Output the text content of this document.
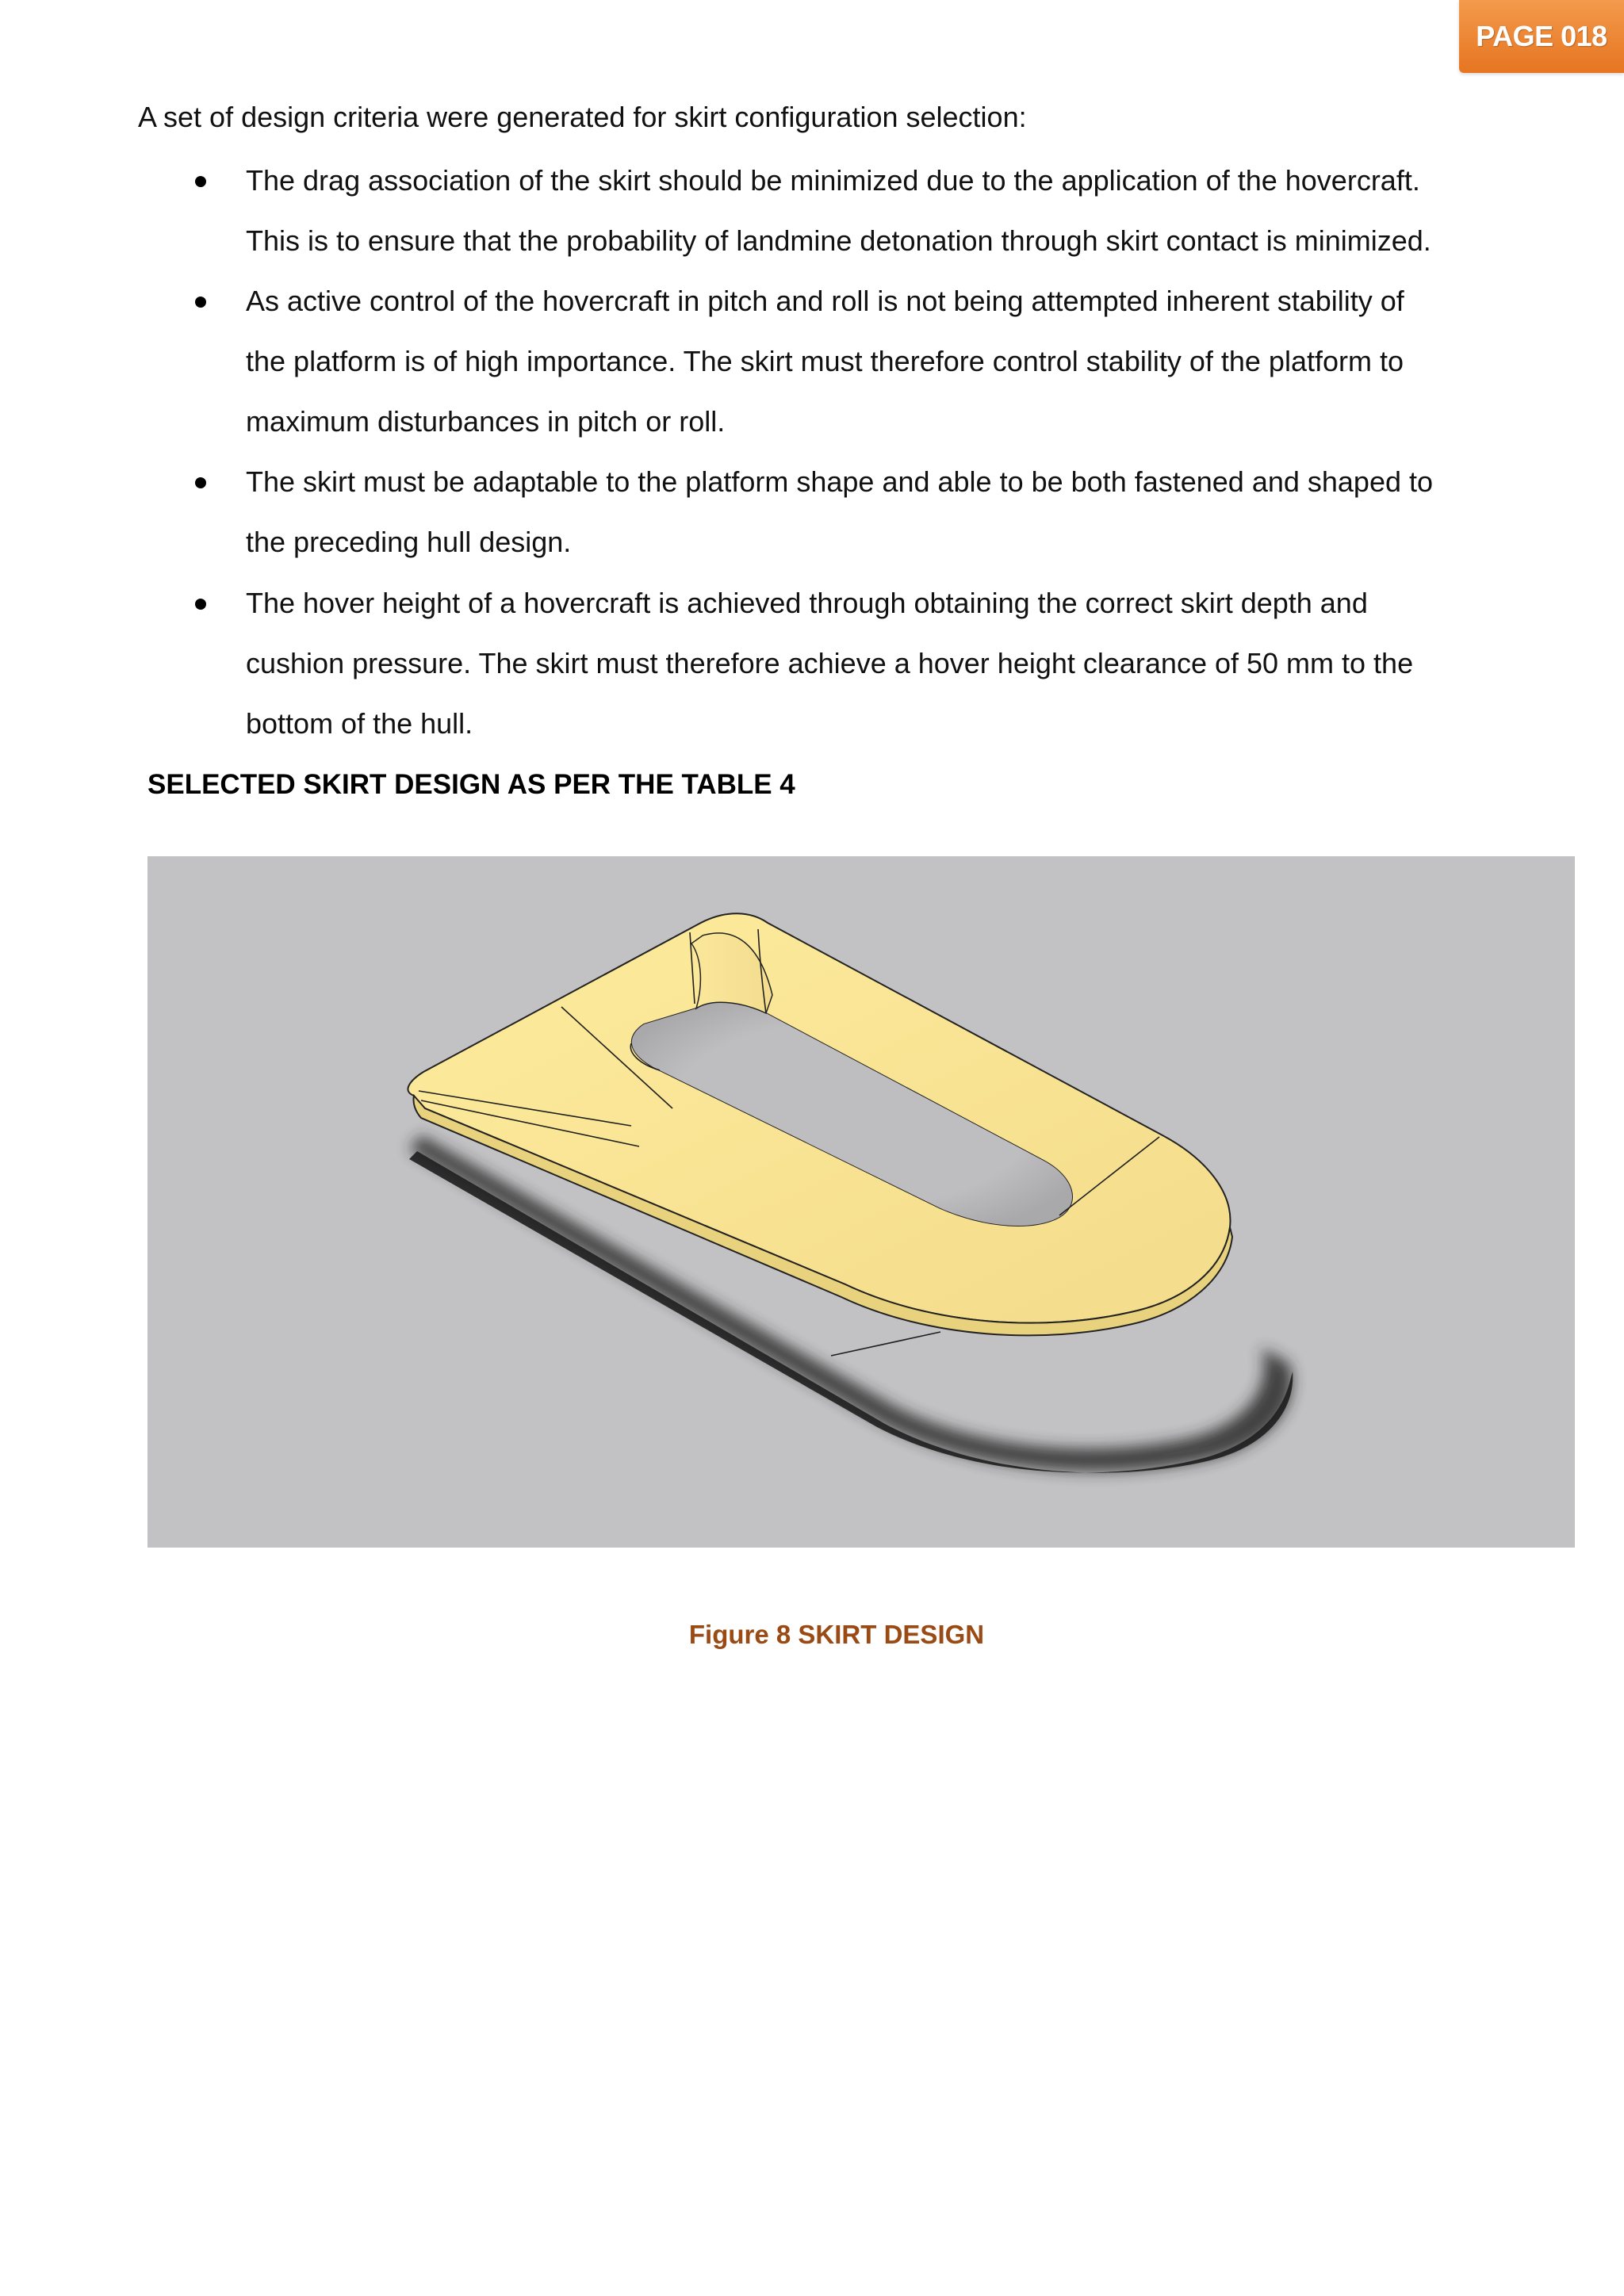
PAGE 018
A set of design criteria were generated for skirt configuration selection:
The drag association of the skirt should be minimized due to the application of the hovercraft.
This is to ensure that the probability of landmine detonation through skirt contact is minimized.
As active control of the hovercraft in pitch and roll is not being attempted inherent stability of
the platform is of high importance. The skirt must therefore control stability of the platform to
maximum disturbances in pitch or roll.
The skirt must be adaptable to the platform shape and able to be both fastened and shaped to
the preceding hull design.
The hover height of a hovercraft is achieved through obtaining the correct skirt depth and
cushion pressure. The skirt must therefore achieve a hover height clearance of 50 mm to the
bottom of the hull.
SELECTED SKIRT DESIGN AS PER THE TABLE 4
Figure 8 SKIRT DESIGN
